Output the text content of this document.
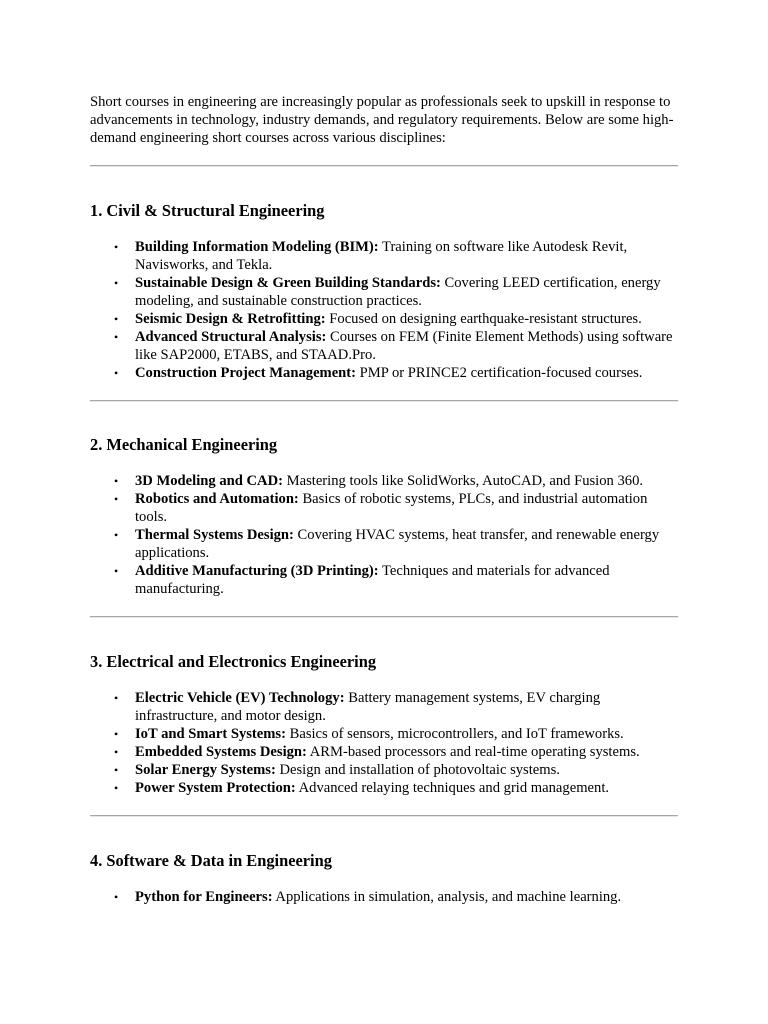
Short courses in engineering are increasingly popular as professionals seek to upskill in response to advancements in technology, industry demands, and regulatory requirements. Below are some high-demand engineering short courses across various disciplines:

1. Civil & Structural Engineering
• Building Information Modeling (BIM): Training on software like Autodesk Revit, Navisworks, and Tekla.
• Sustainable Design & Green Building Standards: Covering LEED certification, energy modeling, and sustainable construction practices.
• Seismic Design & Retrofitting: Focused on designing earthquake-resistant structures.
• Advanced Structural Analysis: Courses on FEM (Finite Element Methods) using software like SAP2000, ETABS, and STAAD.Pro.
• Construction Project Management: PMP or PRINCE2 certification-focused courses.
2. Mechanical Engineering
• 3D Modeling and CAD: Mastering tools like SolidWorks, AutoCAD, and Fusion 360.
• Robotics and Automation: Basics of robotic systems, PLCs, and industrial automation tools.
• Thermal Systems Design: Covering HVAC systems, heat transfer, and renewable energy applications.
• Additive Manufacturing (3D Printing): Techniques and materials for advanced manufacturing.
3. Electrical and Electronics Engineering
• Electric Vehicle (EV) Technology: Battery management systems, EV charging infrastructure, and motor design.
• IoT and Smart Systems: Basics of sensors, microcontrollers, and IoT frameworks.
• Embedded Systems Design: ARM-based processors and real-time operating systems.
• Solar Energy Systems: Design and installation of photovoltaic systems.
• Power System Protection: Advanced relaying techniques and grid management.
4. Software & Data in Engineering
• Python for Engineers: Applications in simulation, analysis, and machine learning.
